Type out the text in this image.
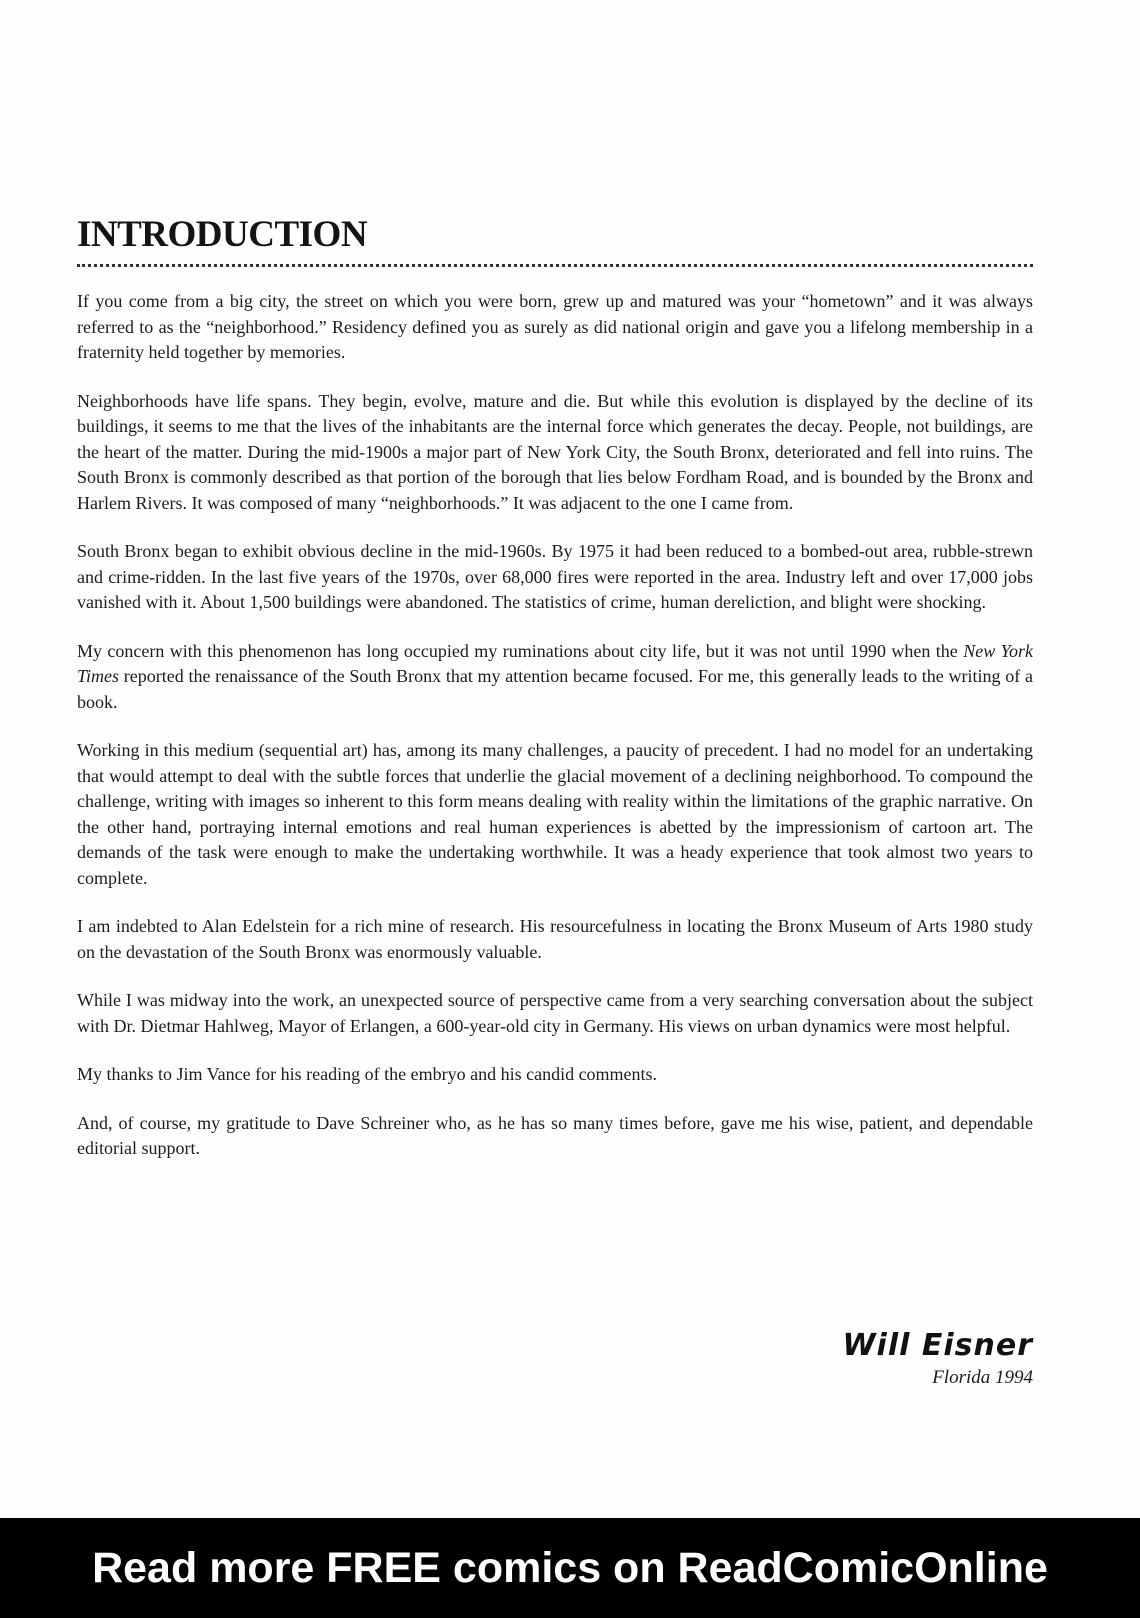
INTRODUCTION

If you come from a big city, the street on which you were born, grew up and matured was your “hometown” and it was always referred to as the “neighborhood.” Residency defined you as surely as did national origin and gave you a lifelong membership in a fraternity held together by memories.

Neighborhoods have life spans. They begin, evolve, mature and die. But while this evolution is displayed by the decline of its buildings, it seems to me that the lives of the inhabitants are the internal force which generates the decay. People, not buildings, are the heart of the matter. During the mid-1900s a major part of New York City, the South Bronx, deteriorated and fell into ruins. The South Bronx is commonly described as that portion of the borough that lies below Fordham Road, and is bounded by the Bronx and Harlem Rivers. It was composed of many “neighborhoods.” It was adjacent to the one I came from.

South Bronx began to exhibit obvious decline in the mid-1960s. By 1975 it had been reduced to a bombed-out area, rubble-strewn and crime-ridden. In the last five years of the 1970s, over 68,000 fires were reported in the area. Industry left and over 17,000 jobs vanished with it. About 1,500 buildings were abandoned. The statistics of crime, human dereliction, and blight were shocking.

My concern with this phenomenon has long occupied my ruminations about city life, but it was not until 1990 when the New York Times reported the renaissance of the South Bronx that my attention became focused. For me, this generally leads to the writing of a book.

Working in this medium (sequential art) has, among its many challenges, a paucity of precedent. I had no model for an undertaking that would attempt to deal with the subtle forces that underlie the glacial movement of a declining neighborhood. To compound the challenge, writing with images so inherent to this form means dealing with reality within the limitations of the graphic narrative. On the other hand, portraying internal emotions and real human experiences is abetted by the impressionism of cartoon art. The demands of the task were enough to make the undertaking worthwhile. It was a heady experience that took almost two years to complete.

I am indebted to Alan Edelstein for a rich mine of research. His resourcefulness in locating the Bronx Museum of Arts 1980 study on the devastation of the South Bronx was enormously valuable.

While I was midway into the work, an unexpected source of perspective came from a very searching conversation about the subject with Dr. Dietmar Hahlweg, Mayor of Erlangen, a 600-year-old city in Germany. His views on urban dynamics were most helpful.

My thanks to Jim Vance for his reading of the embryo and his candid comments.

And, of course, my gratitude to Dave Schreiner who, as he has so many times before, gave me his wise, patient, and dependable editorial support.

Will Eisner
Florida 1994
Read more FREE comics on ReadComicOnline
